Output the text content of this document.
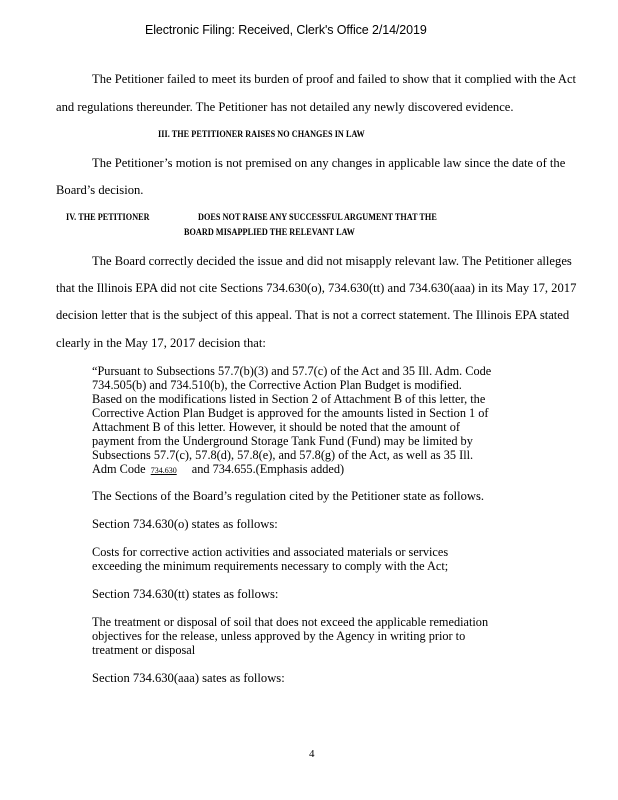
Electronic Filing: Received, Clerk's Office 2/14/2019
The Petitioner failed to meet its burden of proof and failed to show that it complied with the Act
and regulations thereunder. The Petitioner has not detailed any newly discovered evidence.
III. THE PETITIONER RAISES NO CHANGES IN LAW
The Petitioner’s motion is not premised on any changes in applicable law since the date of the
Board’s decision.
IV. THE PETITIONER	DOES NOT RAISE ANY SUCCESSFUL ARGUMENT THAT THE
BOARD MISAPPLIED THE RELEVANT LAW
The Board correctly decided the issue and did not misapply relevant law. The Petitioner alleges
that the Illinois EPA did not cite Sections 734.630(o), 734.630(tt) and 734.630(aaa) in its May 17, 2017
decision letter that is the subject of this appeal. That is not a correct statement. The Illinois EPA stated
clearly in the May 17, 2017 decision that:
“Pursuant to Subsections 57.7(b)(3) and 57.7(c) of the Act and 35 Ill. Adm. Code
734.505(b) and 734.510(b), the Corrective Action Plan Budget is modified.
Based on the modifications listed in Section 2 of Attachment B of this letter, the
Corrective Action Plan Budget is approved for the amounts listed in Section 1 of
Attachment B of this letter. However, it should be noted that the amount of
payment from the Underground Storage Tank Fund (Fund) may be limited by
Subsections 57.7(c), 57.8(d), 57.8(e), and 57.8(g) of the Act, as well as 35 Ill.
Adm Code 734.630 and 734.655.(Emphasis added)
The Sections of the Board’s regulation cited by the Petitioner state as follows.
Section 734.630(o) states as follows:
Costs for corrective action activities and associated materials or services
exceeding the minimum requirements necessary to comply with the Act;
Section 734.630(tt) states as follows:
The treatment or disposal of soil that does not exceed the applicable remediation
objectives for the release, unless approved by the Agency in writing prior to
treatment or disposal
Section 734.630(aaa) sates as follows:
4
